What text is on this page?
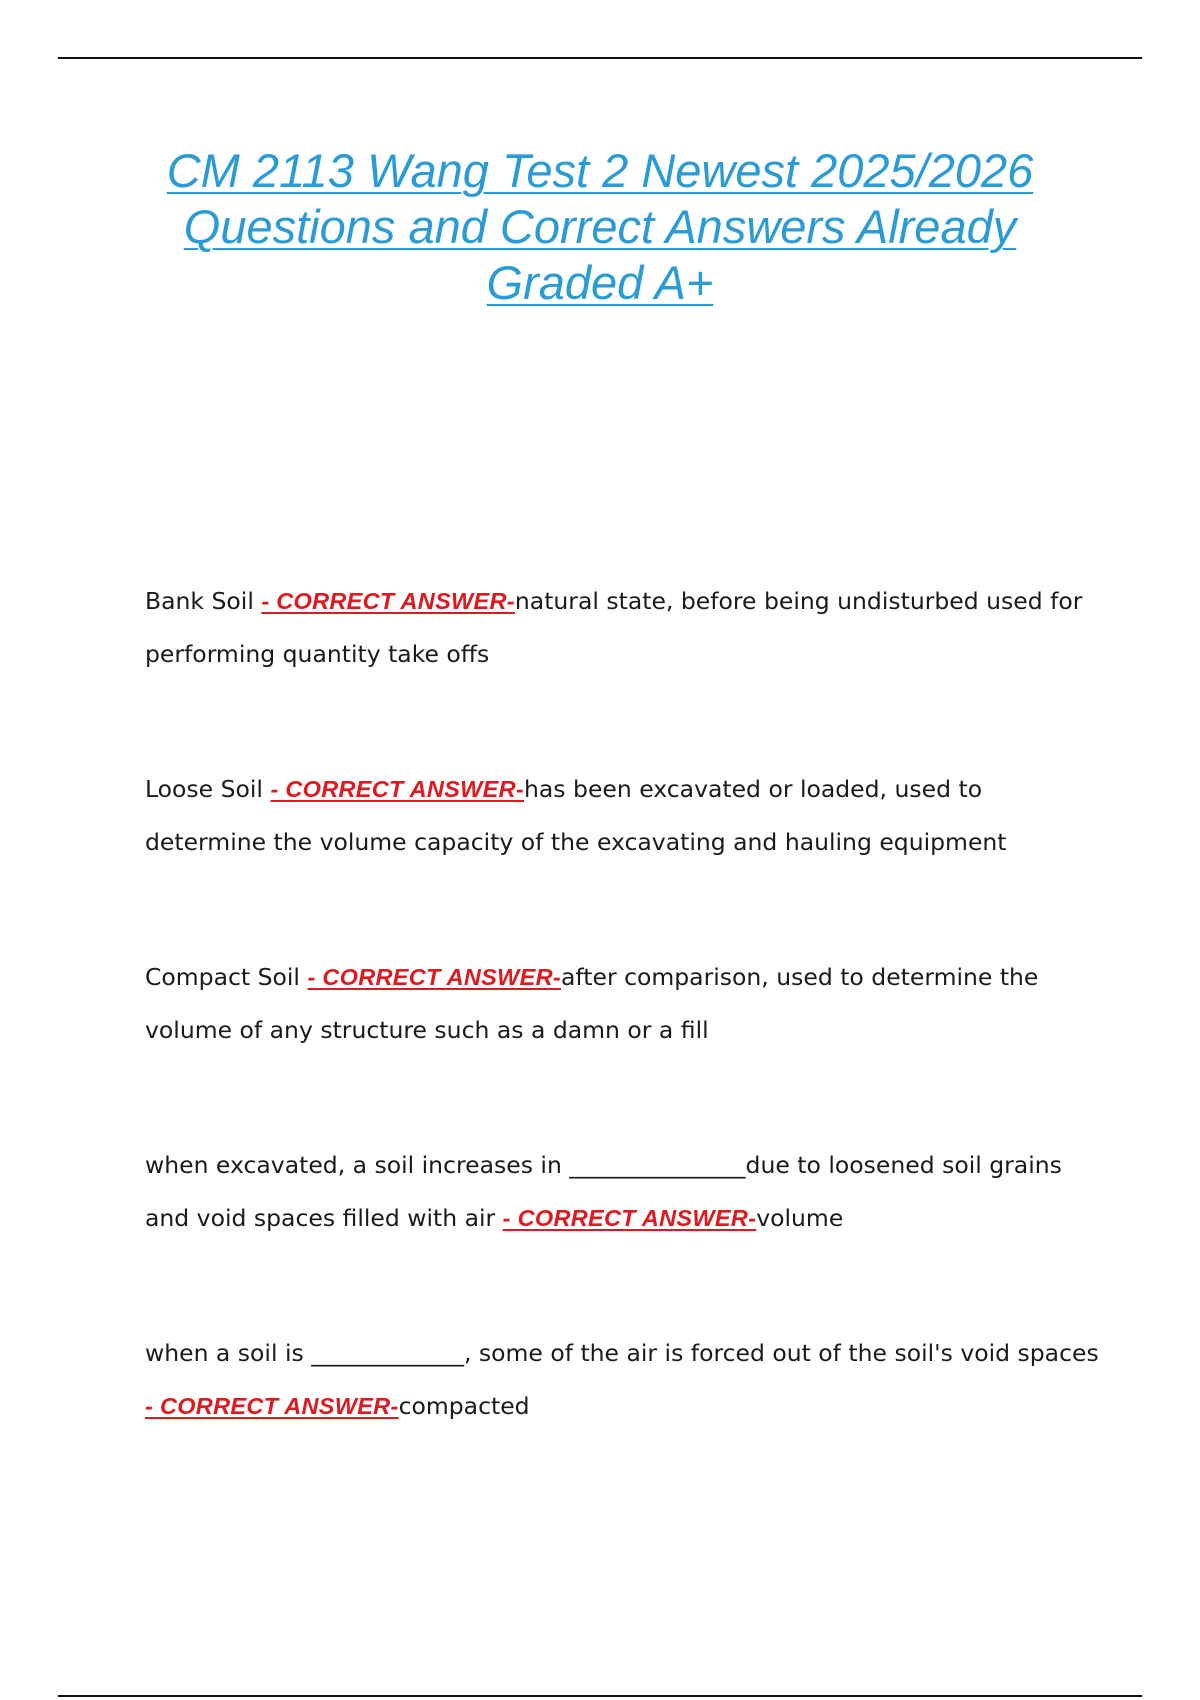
CM 2113 Wang Test 2 Newest 2025/2026
Questions and Correct Answers Already
Graded A+

Bank Soil - CORRECT ANSWER-natural state, before being undisturbed used for
performing quantity take offs

Loose Soil - CORRECT ANSWER-has been excavated or loaded, used to
determine the volume capacity of the excavating and hauling equipment

Compact Soil - CORRECT ANSWER-after comparison, used to determine the
volume of any structure such as a damn or a fill

when excavated, a soil increases in _______________due to loosened soil grains
and void spaces filled with air - CORRECT ANSWER-volume

when a soil is _____________, some of the air is forced out of the soil's void spaces
- CORRECT ANSWER-compacted
